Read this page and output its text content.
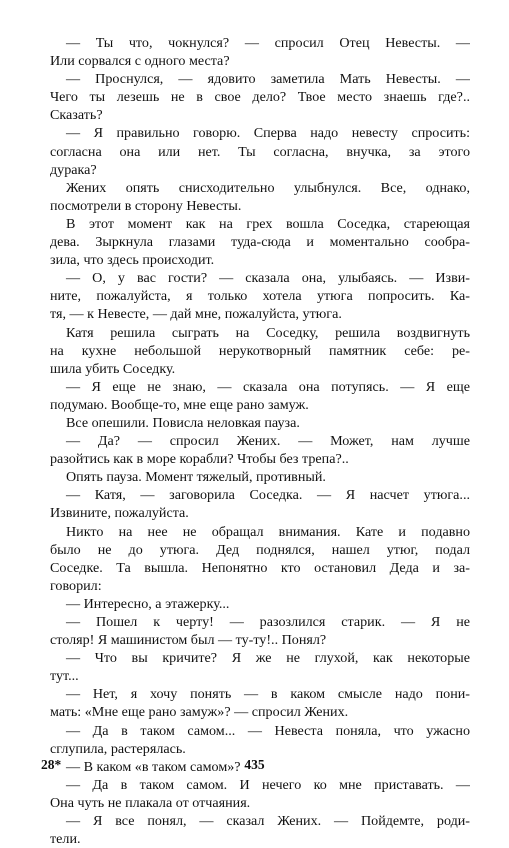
— Ты что, чокнулся? — спросил Отец Невесты. —
Или сорвался с одного места?
— Проснулся, — ядовито заметила Мать Невесты. —
Чего ты лезешь не в свое дело? Твое место знаешь где?..
Сказать?
— Я правильно говорю. Сперва надо невесту спросить:
согласна она или нет. Ты согласна, внучка, за этого
дурака?
Жених опять снисходительно улыбнулся. Все, однако,
посмотрели в сторону Невесты.
В этот момент как на грех вошла Соседка, стареющая
дева. Зыркнула глазами туда-сюда и моментально сообра-
зила, что здесь происходит.
— О, у вас гости? — сказала она, улыбаясь. — Изви-
ните, пожалуйста, я только хотела утюга попросить. Ка-
тя, — к Невесте, — дай мне, пожалуйста, утюга.
Катя решила сыграть на Соседку, решила воздвигнуть
на кухне небольшой нерукотворный памятник себе: ре-
шила убить Соседку.
— Я еще не знаю, — сказала она потупясь. — Я еще
подумаю. Вообще-то, мне еще рано замуж.
Все опешили. Повисла неловкая пауза.
— Да? — спросил Жених. — Может, нам лучше
разойтись как в море корабли? Чтобы без трепа?..
Опять пауза. Момент тяжелый, противный.
— Катя, — заговорила Соседка. — Я насчет утюга...
Извините, пожалуйста.
Никто на нее не обращал внимания. Кате и подавно
было не до утюга. Дед поднялся, нашел утюг, подал
Соседке. Та вышла. Непонятно кто остановил Деда и за-
говорил:
— Интересно, а этажерку...
— Пошел к черту! — разозлился старик. — Я не
столяр! Я машинистом был — ту-ту!.. Понял?
— Что вы кричите? Я же не глухой, как некоторые
тут...
— Нет, я хочу понять — в каком смысле надо пони-
мать: «Мне еще рано замуж»? — спросил Жених.
— Да в таком самом... — Невеста поняла, что ужасно
сглупила, растерялась.
— В каком «в таком самом»?
— Да в таком самом. И нечего ко мне приставать. —
Она чуть не плакала от отчаяния.
— Я все понял, — сказал Жених. — Пойдемте, роди-
тели.
28*	435
